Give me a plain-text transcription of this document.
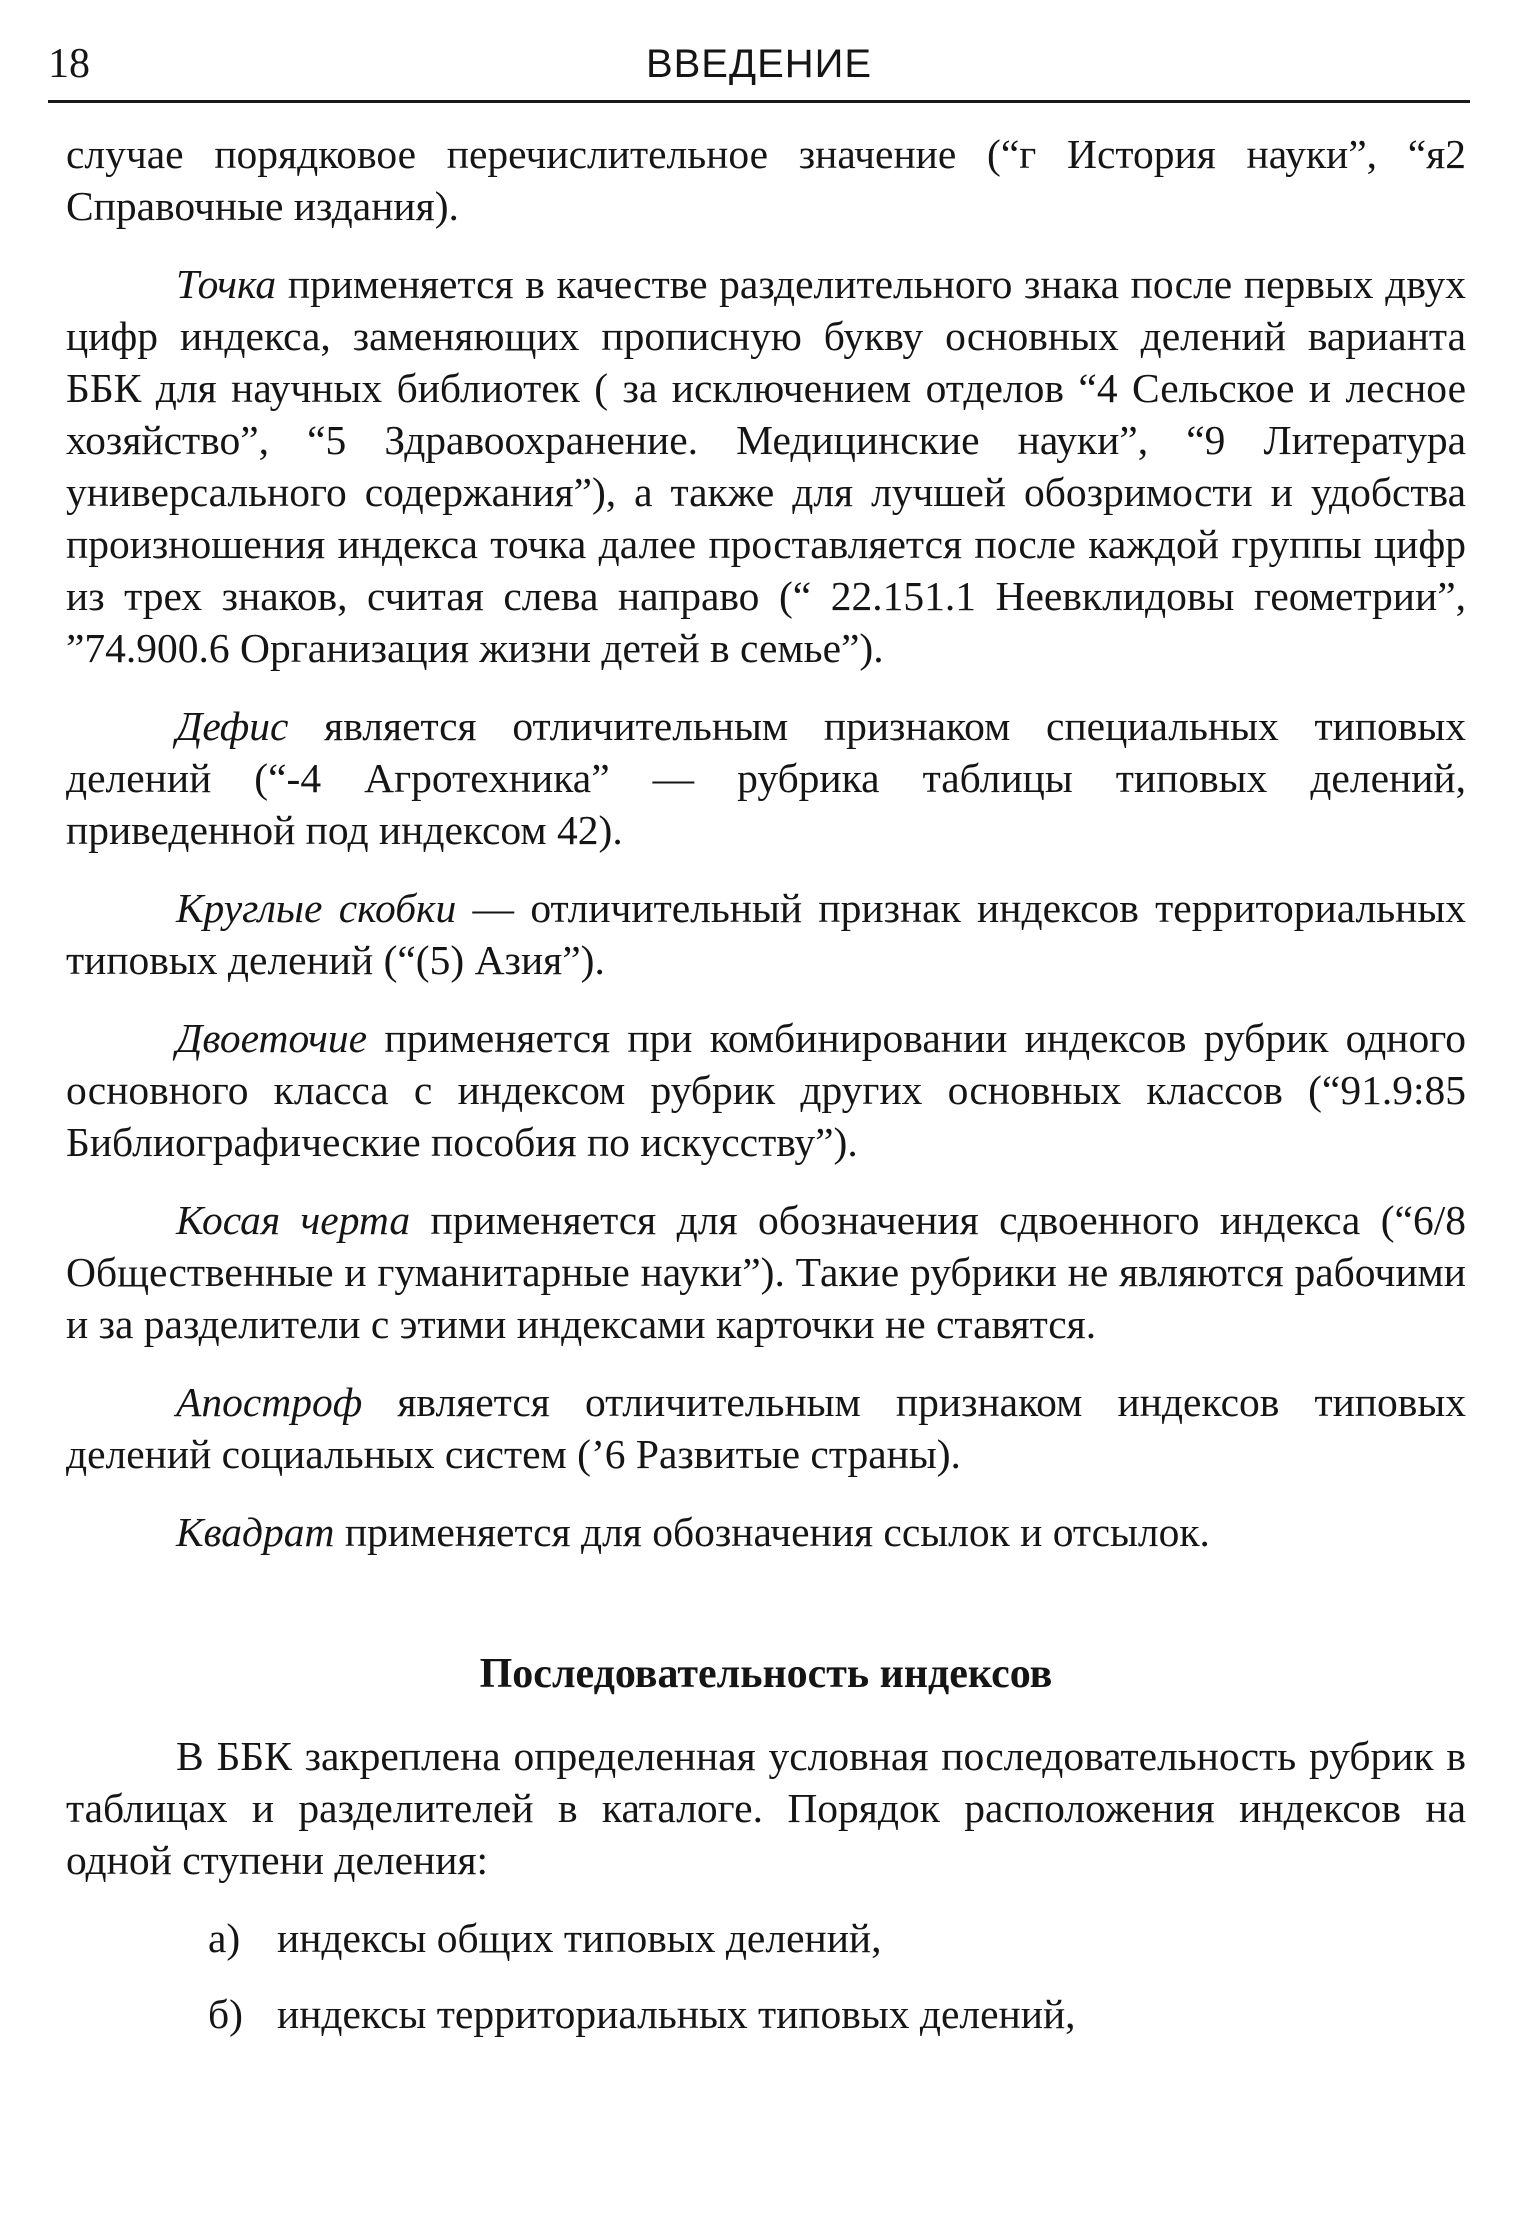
18	ВВЕДЕНИЕ

случае порядковое перечислительное значение (“г История науки”, “я2 Справочные издания).

Точка применяется в качестве разделительного знака после первых двух цифр индекса, заменяющих прописную букву основных делений варианта ББК для научных библиотек ( за исключением отделов “4 Сельское и лесное хозяйство”, “5 Здравоохранение. Медицинские науки”, “9 Литература универсального содержания”), а также для лучшей обозримости и удобства произношения индекса точка далее проставляется после каждой группы цифр из трех знаков, считая слева направо (“ 22.151.1 Неевклидовы геометрии”, ”74.900.6 Организация жизни детей в семье”).

Дефис является отличительным признаком специальных типовых делений (“-4 Агротехника” — рубрика таблицы типовых делений, приведенной под индексом 42).

Круглые скобки — отличительный признак индексов территориальных типовых делений (“(5) Азия”).

Двоеточие применяется при комбинировании индексов рубрик одного основного класса с индексом рубрик других основных классов (“91.9:85 Библиографические пособия по искусству”).

Косая черта применяется для обозначения сдвоенного индекса (“6/8 Общественные и гуманитарные науки”). Такие рубрики не являются рабочими и за разделители с этими индексами карточки не ставятся.

Апостроф является отличительным признаком индексов типовых делений социальных систем (’6 Развитые страны).

Квадрат применяется для обозначения ссылок и отсылок.

Последовательность индексов

В ББК закреплена определенная условная последовательность рубрик в таблицах и разделителей в каталоге. Порядок расположения индексов на одной ступени деления:

а) индексы общих типовых делений,
б) индексы территориальных типовых делений,
